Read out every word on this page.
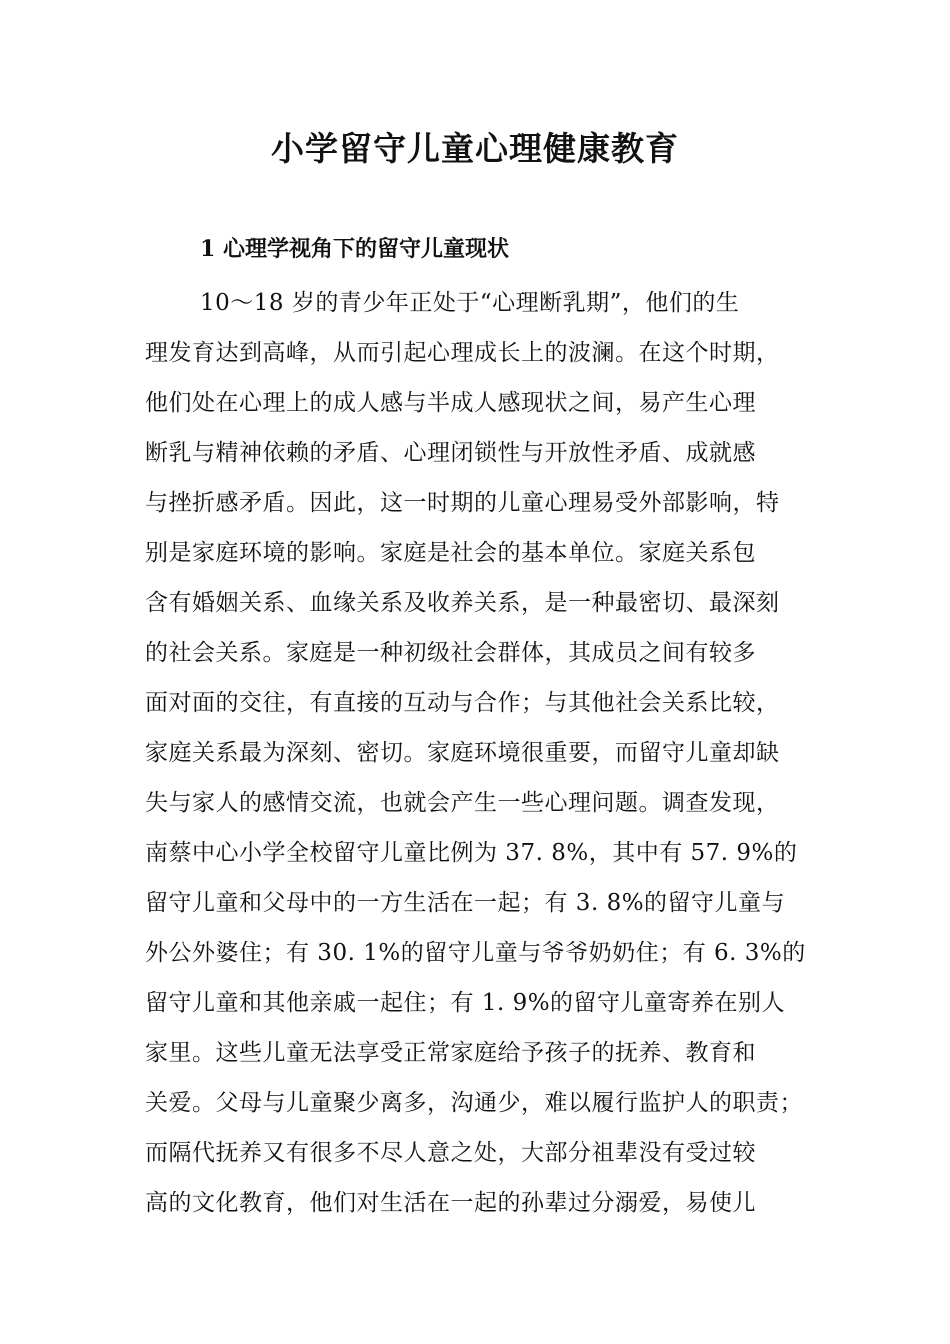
小学留守儿童心理健康教育
1 心理学视角下的留守儿童现状
10～18 岁的青少年正处于“心理断乳期”，他们的生
理发育达到高峰，从而引起心理成长上的波澜。在这个时期，
他们处在心理上的成人感与半成人感现状之间，易产生心理
断乳与精神依赖的矛盾、心理闭锁性与开放性矛盾、成就感
与挫折感矛盾。因此，这一时期的儿童心理易受外部影响，特
别是家庭环境的影响。家庭是社会的基本单位。家庭关系包
含有婚姻关系、血缘关系及收养关系，是一种最密切、最深刻
的社会关系。家庭是一种初级社会群体，其成员之间有较多
面对面的交往，有直接的互动与合作；与其他社会关系比较，
家庭关系最为深刻、密切。家庭环境很重要，而留守儿童却缺
失与家人的感情交流，也就会产生一些心理问题。调查发现，
南蔡中心小学全校留守儿童比例为 37. 8%，其中有 57. 9%的
留守儿童和父母中的一方生活在一起；有 3. 8%的留守儿童与
外公外婆住；有 30. 1%的留守儿童与爷爷奶奶住；有 6. 3%的
留守儿童和其他亲戚一起住；有 1. 9%的留守儿童寄养在别人
家里。这些儿童无法享受正常家庭给予孩子的抚养、教育和
关爱。父母与儿童聚少离多，沟通少，难以履行监护人的职责；
而隔代抚养又有很多不尽人意之处，大部分祖辈没有受过较
高的文化教育，他们对生活在一起的孙辈过分溺爱，易使儿
